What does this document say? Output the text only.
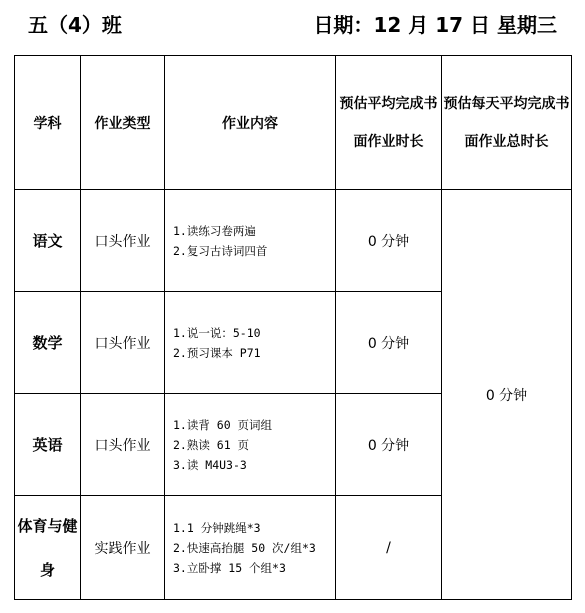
五（4）班	日期：12 月 17 日 星期三
学科	作业类型	作业内容	预估平均完成书面作业时长	预估每天平均完成书面作业总时长
语文	口头作业	1.读练习卷两遍
2.复习古诗词四首	0 分钟	0 分钟
数学	口头作业	1.说一说：5-10
2.预习课本 P71	0 分钟	
英语	口头作业	1.读背 60 页词组
2.熟读 61 页
3.读 M4U3-3	0 分钟	
体育与健身	实践作业	1.1 分钟跳绳*3
2.快速高抬腿 50 次/组*3
3.立卧撑 15 个组*3	/	
